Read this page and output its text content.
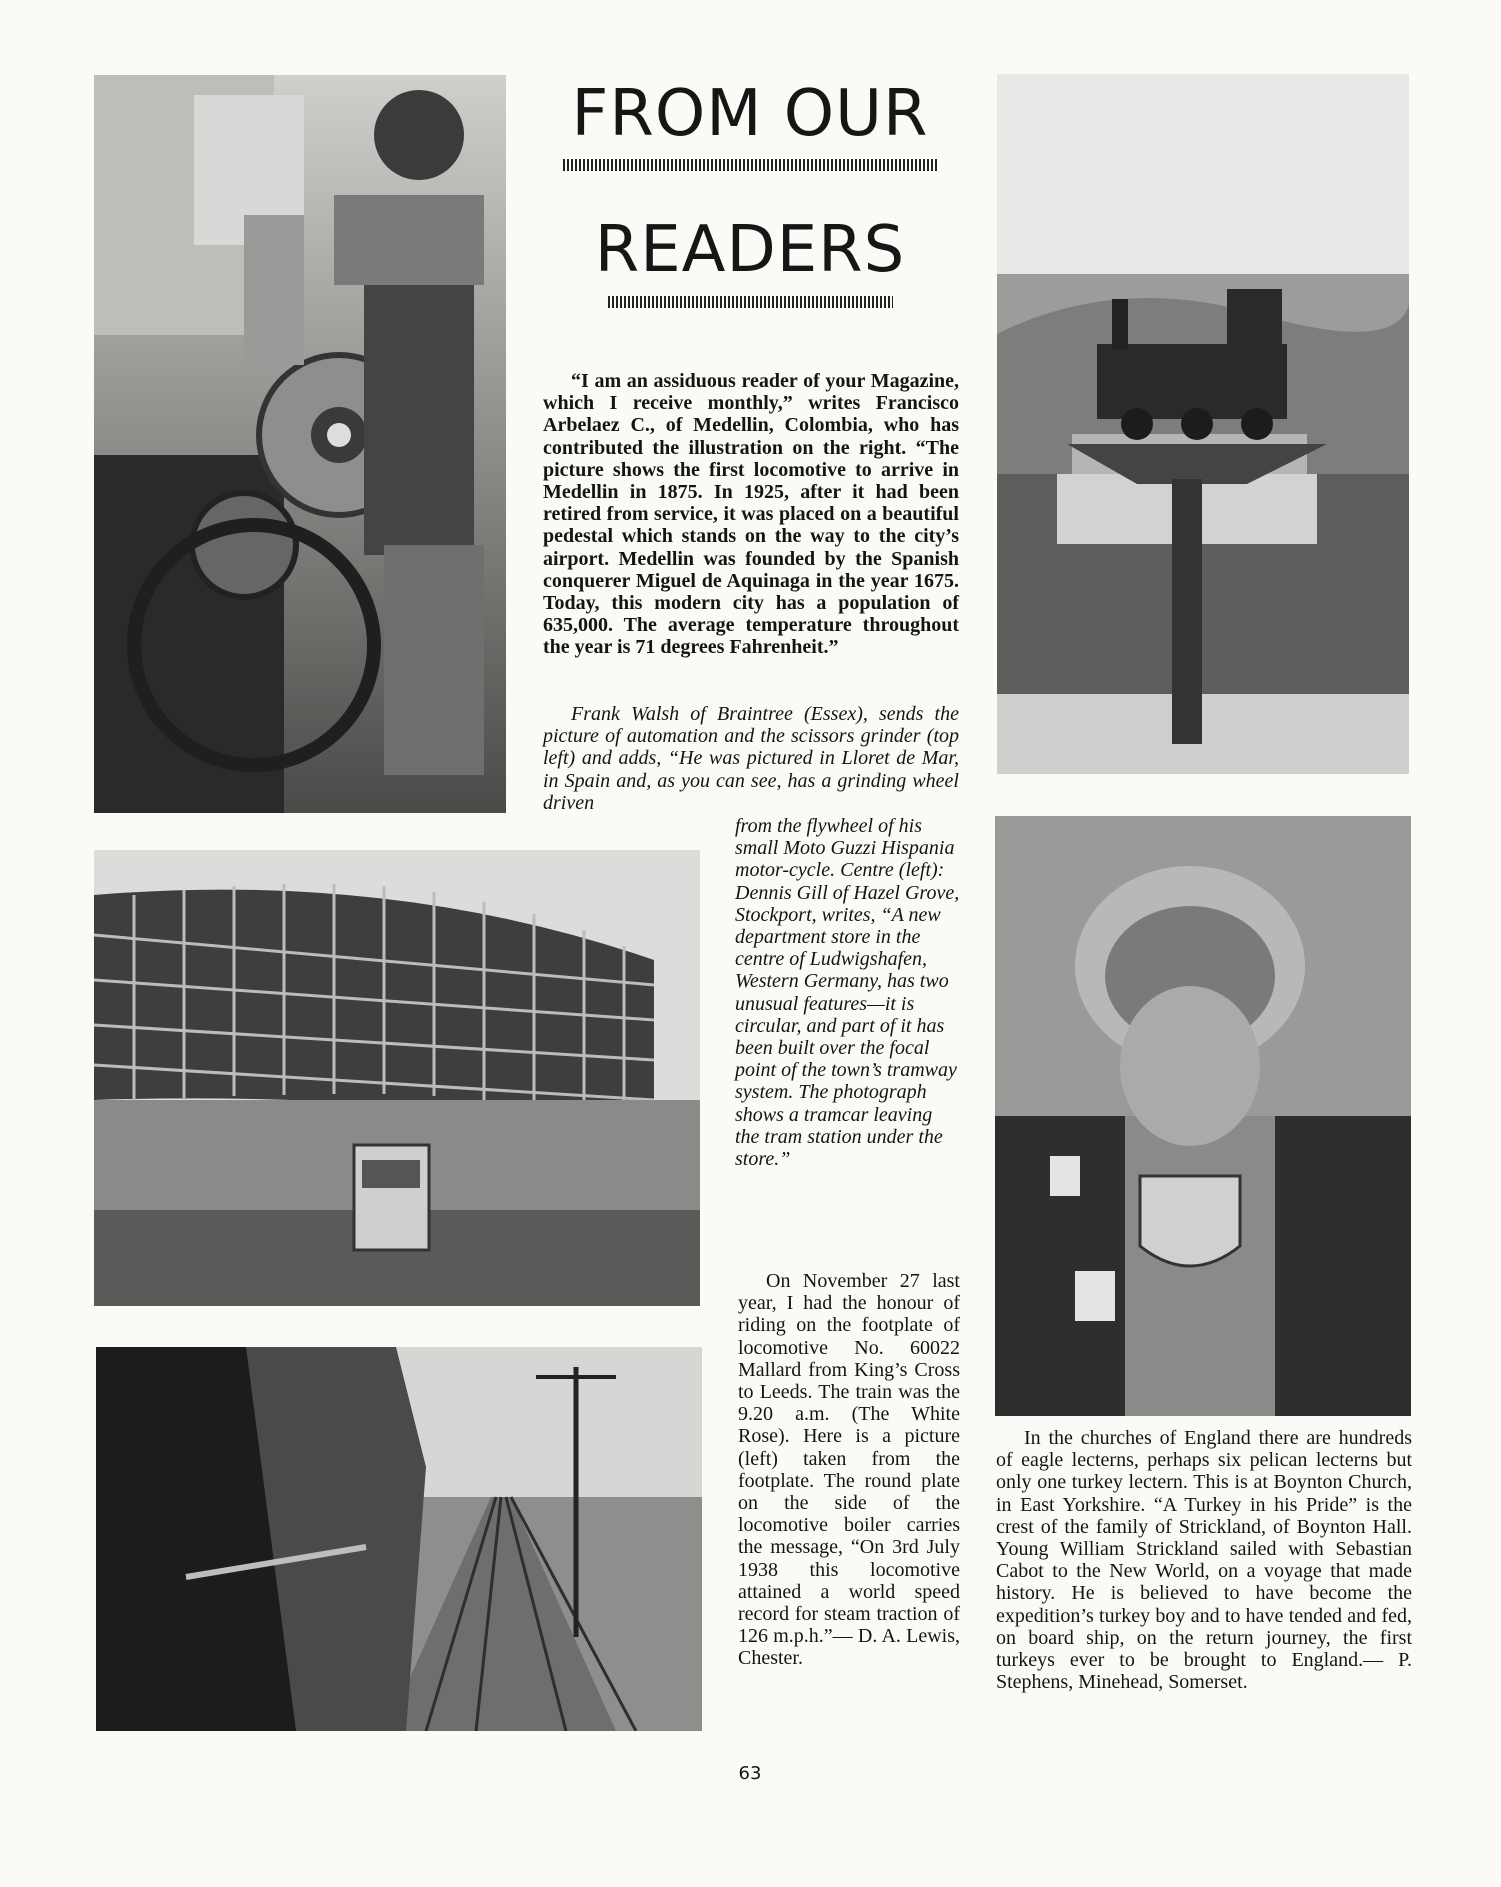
FROM OUR
READERS

“I am an assiduous reader of your Magazine, which I receive monthly,” writes Francisco Arbelaez C., of Medellin, Colombia, who has contributed the illustration on the right. “The picture shows the first locomotive to arrive in Medellin in 1875. In 1925, after it had been retired from service, it was placed on a beautiful pedestal which stands on the way to the city’s airport. Medellin was founded by the Spanish conquerer Miguel de Aquinaga in the year 1675. Today, this modern city has a population of 635,000. The average temperature throughout the year is 71 degrees Fahrenheit.”

Frank Walsh of Braintree (Essex), sends the picture of automation and the scissors grinder (top left) and adds, “He was pictured in Lloret de Mar, in Spain and, as you can see, has a grinding wheel driven

from the flywheel of his small Moto Guzzi Hispania motor-cycle. Centre (left): Dennis Gill of Hazel Grove, Stockport, writes, “A new department store in the centre of Ludwigshafen, Western Germany, has two unusual features—it is circular, and part of it has been built over the focal point of the town’s tramway system. The photograph shows a tramcar leaving the tram station under the store.”

On November 27 last year, I had the honour of riding on the footplate of locomotive No. 60022 Mallard from King’s Cross to Leeds. The train was the 9.20 a.m. (The White Rose). Here is a picture (left) taken from the footplate. The round plate on the side of the locomotive boiler carries the message, “On 3rd July 1938 this locomotive attained a world speed record for steam traction of 126 m.p.h.”— D. A. Lewis, Chester.

In the churches of England there are hundreds of eagle lecterns, perhaps six pelican lecterns but only one turkey lectern. This is at Boynton Church, in East Yorkshire. “A Turkey in his Pride” is the crest of the family of Strickland, of Boynton Hall. Young William Strickland sailed with Sebastian Cabot to the New World, on a voyage that made history. He is believed to have become the expedition’s turkey boy and to have tended and fed, on board ship, on the return journey, the first turkeys ever to be brought to England.— P. Stephens, Minehead, Somerset.

63
